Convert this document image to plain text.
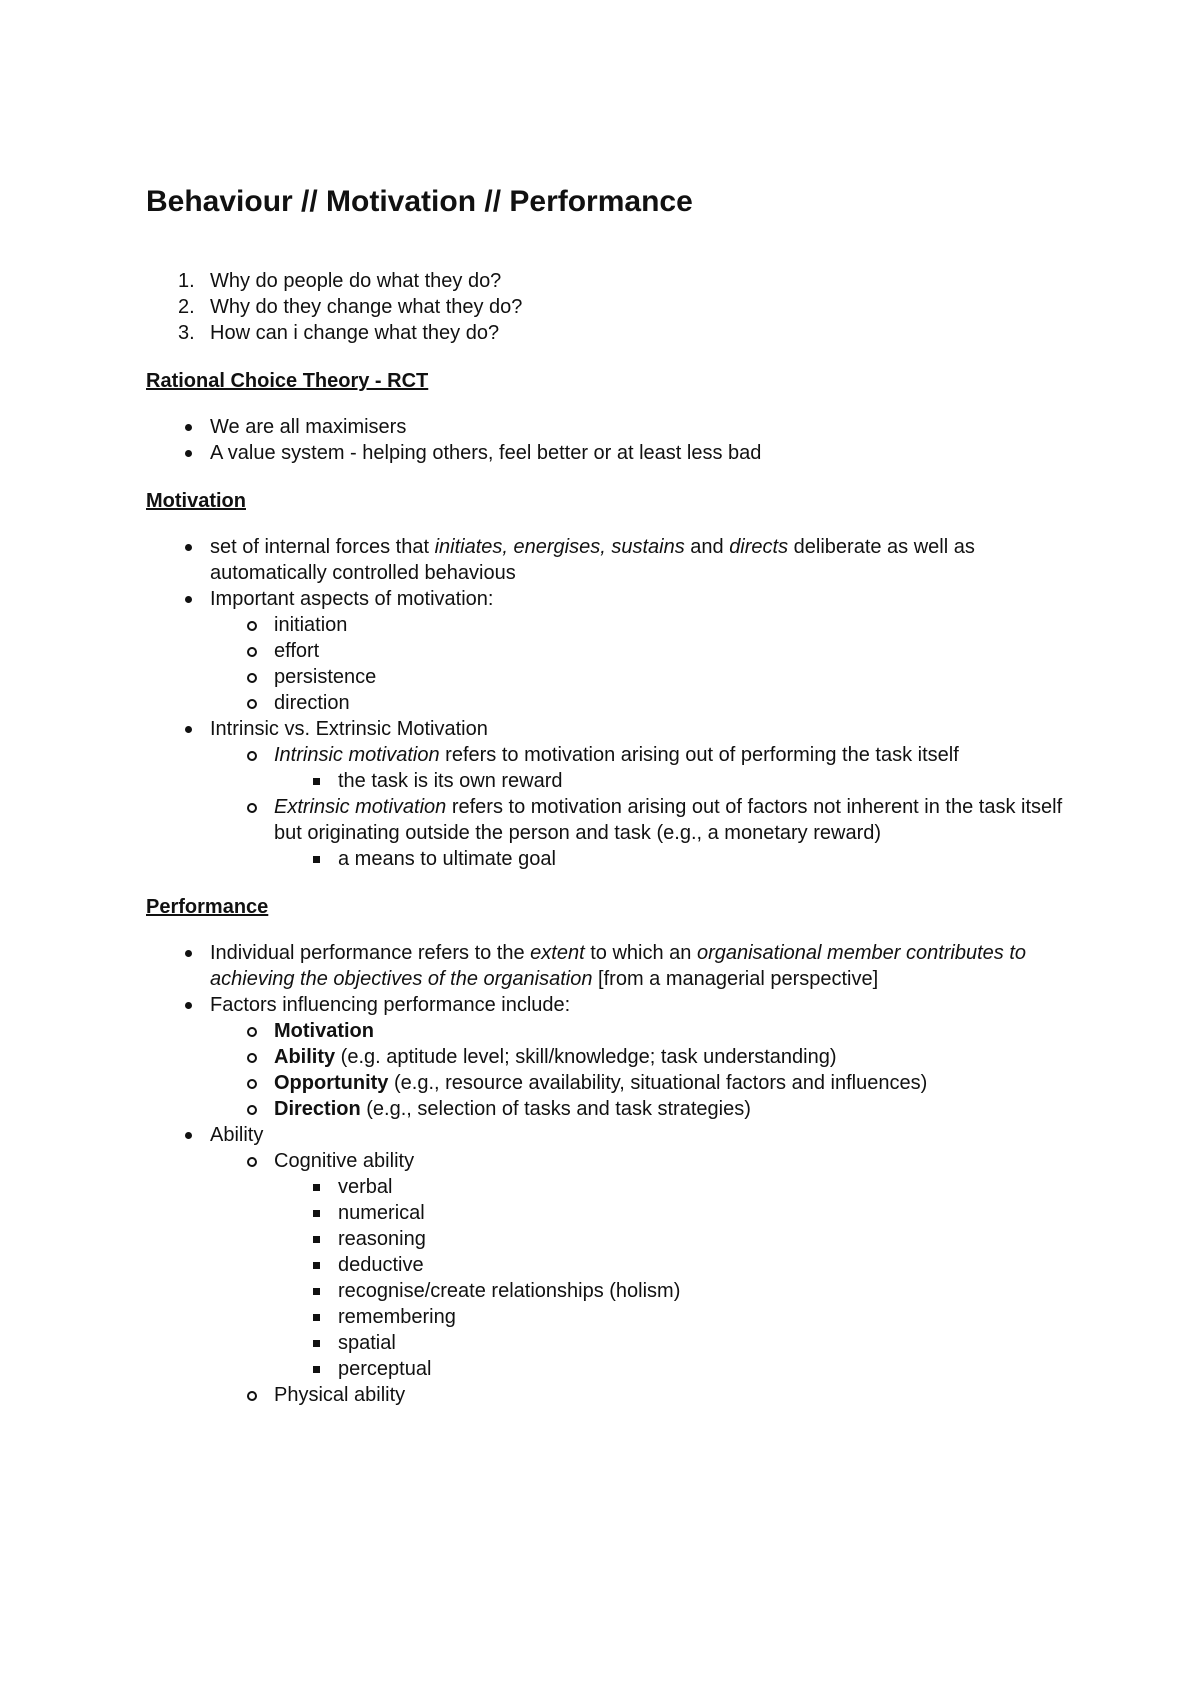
Behaviour // Motivation // Performance
1. Why do people do what they do?
2. Why do they change what they do?
3. How can i change what they do?
Rational Choice Theory - RCT
We are all maximisers
A value system - helping others, feel better or at least less bad
Motivation
set of internal forces that initiates, energises, sustains and directs deliberate as well as automatically controlled behavious
Important aspects of motivation:
initiation
effort
persistence
direction
Intrinsic vs. Extrinsic Motivation
Intrinsic motivation refers to motivation arising out of performing the task itself
the task is its own reward
Extrinsic motivation refers to motivation arising out of factors not inherent in the task itself but originating outside the person and task (e.g., a monetary reward)
a means to ultimate goal
Performance
Individual performance refers to the extent to which an organisational member contributes to achieving the objectives of the organisation [from a managerial perspective]
Factors influencing performance include:
Motivation
Ability (e.g. aptitude level; skill/knowledge; task understanding)
Opportunity (e.g., resource availability, situational factors and influences)
Direction (e.g., selection of tasks and task strategies)
Ability
Cognitive ability
verbal
numerical
reasoning
deductive
recognise/create relationships (holism)
remembering
spatial
perceptual
Physical ability
